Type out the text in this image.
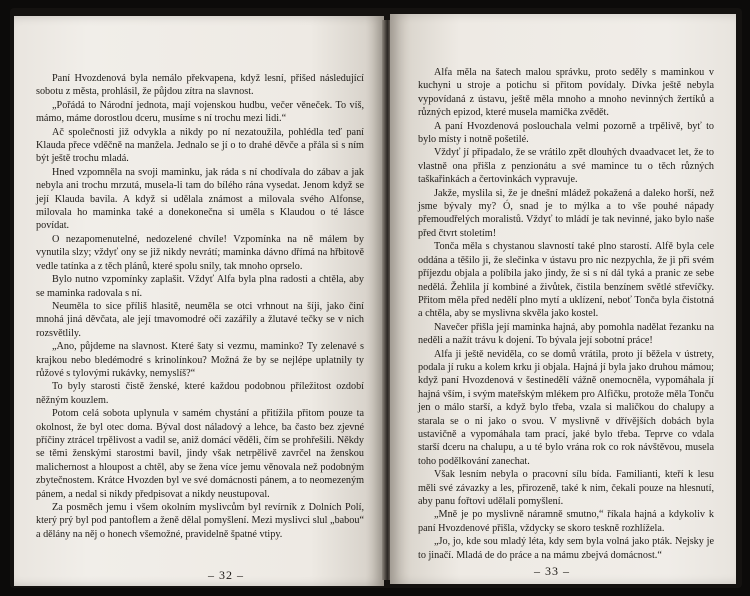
Paní Hvozdenová byla nemálo překvapena, když lesní, přišed následující sobotu z města, prohlásil, že půjdou zítra na slavnost.

„Pořádá to Národní jednota, mají vojenskou hudbu, večer věneček. To víš, mámo, máme dorostlou dceru, musíme s ní trochu mezi lidi.“

Ač společnosti již odvykla a nikdy po ní nezatoužila, pohlédla teď paní Klauda přece vděčně na manžela. Jednalo se jí o to drahé děvče a přála si s ním být ještě trochu mladá.

Hned vzpomněla na svoji maminku, jak ráda s ní chodívala do zábav a jak nebyla ani trochu mrzutá, musela-li tam do bílého rána vysedat. Jenom když se její Klauda bavila. A když si udělala známost a milovala svého Alfonse, milovala ho maminka také a donekonečna si uměla s Klaudou o té lásce povídat.

O nezapomenutelné, nedozelené chvíle! Vzpomínka na ně málem by vynutila slzy; vždyť ony se již nikdy nevrátí; maminka dávno dřímá na hřbitově vedle tatínka a z těch plánů, které spolu snily, tak mnoho oprselo.

Bylo nutno vzpomínky zaplašit. Vždyť Alfa byla plna radosti a chtěla, aby se maminka radovala s ní.

Neuměla to sice příliš hlasitě, neuměla se otci vrhnout na šíji, jako činí mnohá jiná děvčata, ale její tmavomodré oči zazářily a žlutavé tečky se v nich rozsvětlily.

„Ano, půjdeme na slavnost. Které šaty si vezmu, maminko? Ty zelenavé s krajkou nebo bledémodré s krinolínkou? Možná že by se nejlépe uplatnily ty růžové s tylovými rukávky, nemyslíš?“

To byly starosti čistě ženské, které každou podobnou příležitost ozdobí něžným kouzlem.

Potom celá sobota uplynula v samém chystání a přitížila přitom pouze ta okolnost, že byl otec doma. Býval dost náladový a lehce, ba často bez zjevné příčiny ztrácel trpělivost a vadil se, aniž domácí věděli, čím se prohřešili. Někdy se těmi ženskými starostmi bavil, jindy však netrpělivě zavrčel na ženskou malichernost a hloupost a chtěl, aby se žena více jemu věnovala než podobným zbytečnostem. Krátce Hvozden byl ve své domácnosti pánem, a to neomezeným pánem, a nedal si nikdy předpisovat a nikdy neustupoval.

Za posměch jemu i všem okolním myslivcům byl revírník z Dolních Polí, který prý byl pod pantoflem a ženě dělal pomyšlení. Mezi myslivci slul „babou“ a dělány na něj o honech všemožné, pravidelně špatné vtipy.

– 32 –

Alfa měla na šatech malou správku, proto seděly s maminkou v kuchyni u stroje a potichu si přitom povídaly. Dívka ještě nebyla vypovídaná z ústavu, ještě měla mnoho a mnoho nevinných žertíků a různých epizod, které musela mamička zvědět.

A paní Hvozdenová poslouchala velmi pozorně a trpělivě, byť to bylo místy i notně pošetilé.

Vždyť jí připadalo, že se vrátilo zpět dlouhých dvaadvacet let, že to vlastně ona přišla z penzionátu a své mamince tu o těch různých taškařinkách a čertovinkách vypravuje.

Jakže, myslila si, že je dnešní mládež pokažená a daleko horší, než jsme bývaly my? Ó, snad je to mýlka a to vše pouhé nápady přemoudřelých moralistů. Vždyť to mládí je tak nevinné, jako bylo naše před čtvrt stoletím!

Tonča měla s chystanou slavností také plno starostí. Alfě byla cele oddána a těšilo ji, že slečinka v ústavu pro nic nezpychla, že ji při svém příjezdu objala a políbila jako jindy, že si s ní dál tyká a pranic ze sebe nedělá. Žehlila jí kombiné a živůtek, čistila benzínem světlé střevíčky. Přitom měla před nedělí plno mytí a uklízení, neboť Tonča byla čistotná a chtěla, aby se myslivna skvěla jako kostel.

Navečer přišla její maminka hajná, aby pomohla nadělat řezanku na neděli a nažít trávu k dojení. To bývala její sobotní práce!

Alfa ji ještě neviděla, co se domů vrátila, proto jí běžela v ústrety, podala jí ruku a kolem krku ji objala. Hajná jí byla jako druhou mámou; když paní Hvozdenová v šestinedělí vážně onemocněla, vypomáhala jí hajná vším, i svým mateřským mlékem pro Alfičku, protože měla Tonču jen o málo starší, a když bylo třeba, vzala si maličkou do chalupy a starala se o ni jako o svou. V myslivně v dřívějších dobách byla ustavičně a vypomáhala tam prací, jaké bylo třeba. Teprve co vdala starší dceru na chalupu, a u té bylo vrána rok co rok návštěvou, musela toho podělkování zanechat.

Však lesním nebyla o pracovní sílu bída. Familianti, kteří k lesu měli své závazky a les, přirozeně, také k nim, čekali pouze na hlesnutí, aby panu fořtovi udělali pomyšlení.

„Mně je po myslivně náramně smutno,“ říkala hajná a kdykoliv k paní Hvozdenové přišla, vždycky se skoro teskně rozhlížela.

„Jo, jo, kde sou mladý léta, kdy sem byla volná jako pták. Nejsky je to jinačí. Mladá de do práce a na mámu zbejvá domácnost.“

– 33 –
